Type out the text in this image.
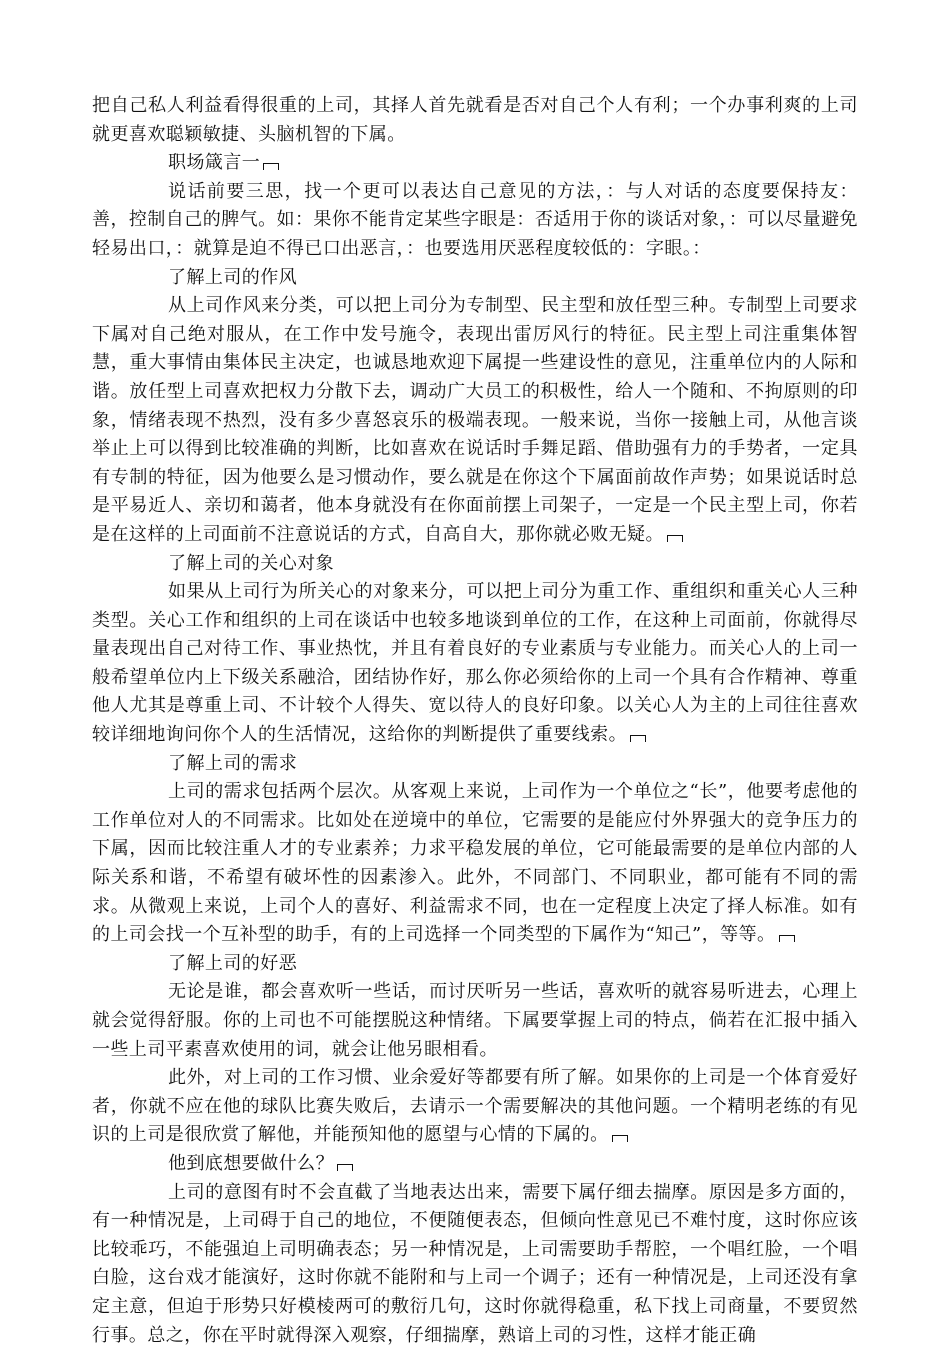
把自己私人利益看得很重的上司，其择人首先就看是否对自己个人有利；一个办事利爽的上司就更喜欢聪颖敏捷、头脑机智的下属。

职场箴言一

说话前要三思，找一个更可以表达自己意见的方法，：与人对话的态度要保持友：善，控制自己的脾气。如：果你不能肯定某些字眼是：否适用于你的谈话对象，：可以尽量避免轻易出口，：就算是迫不得已口出恶言，：也要选用厌恶程度较低的：字眼。：

了解上司的作风

从上司作风来分类，可以把上司分为专制型、民主型和放任型三种。专制型上司要求下属对自己绝对服从，在工作中发号施令，表现出雷厉风行的特征。民主型上司注重集体智慧，重大事情由集体民主决定，也诚恳地欢迎下属提一些建设性的意见，注重单位内的人际和谐。放任型上司喜欢把权力分散下去，调动广大员工的积极性，给人一个随和、不拘原则的印象，情绪表现不热烈，没有多少喜怒哀乐的极端表现。一般来说，当你一接触上司，从他言谈举止上可以得到比较准确的判断，比如喜欢在说话时手舞足蹈、借助强有力的手势者，一定具有专制的特征，因为他要么是习惯动作，要么就是在你这个下属面前故作声势；如果说话时总是平易近人、亲切和蔼者，他本身就没有在你面前摆上司架子，一定是一个民主型上司，你若是在这样的上司面前不注意说话的方式，自高自大，那你就必败无疑。

了解上司的关心对象

如果从上司行为所关心的对象来分，可以把上司分为重工作、重组织和重关心人三种类型。关心工作和组织的上司在谈话中也较多地谈到单位的工作，在这种上司面前，你就得尽量表现出自己对待工作、事业热忱，并且有着良好的专业素质与专业能力。而关心人的上司一般希望单位内上下级关系融洽，团结协作好，那么你必须给你的上司一个具有合作精神、尊重他人尤其是尊重上司、不计较个人得失、宽以待人的良好印象。以关心人为主的上司往往喜欢较详细地询问你个人的生活情况，这给你的判断提供了重要线索。

了解上司的需求

上司的需求包括两个层次。从客观上来说，上司作为一个单位之“长”，他要考虑他的工作单位对人的不同需求。比如处在逆境中的单位，它需要的是能应付外界强大的竞争压力的下属，因而比较注重人才的专业素养；力求平稳发展的单位，它可能最需要的是单位内部的人际关系和谐，不希望有破坏性的因素渗入。此外，不同部门、不同职业，都可能有不同的需求。从微观上来说，上司个人的喜好、利益需求不同，也在一定程度上决定了择人标准。如有的上司会找一个互补型的助手，有的上司选择一个同类型的下属作为“知己”，等等。

了解上司的好恶

无论是谁，都会喜欢听一些话，而讨厌听另一些话，喜欢听的就容易听进去，心理上就会觉得舒服。你的上司也不可能摆脱这种情绪。下属要掌握上司的特点，倘若在汇报中插入一些上司平素喜欢使用的词，就会让他另眼相看。

此外，对上司的工作习惯、业余爱好等都要有所了解。如果你的上司是一个体育爱好者，你就不应在他的球队比赛失败后，去请示一个需要解决的其他问题。一个精明老练的有见识的上司是很欣赏了解他，并能预知他的愿望与心情的下属的。

他到底想要做什么？

上司的意图有时不会直截了当地表达出来，需要下属仔细去揣摩。原因是多方面的，有一种情况是，上司碍于自己的地位，不便随便表态，但倾向性意见已不难忖度，这时你应该比较乖巧，不能强迫上司明确表态；另一种情况是，上司需要助手帮腔，一个唱红脸，一个唱白脸，这台戏才能演好，这时你就不能附和与上司一个调子；还有一种情况是，上司还没有拿定主意，但迫于形势只好模棱两可的敷衍几句，这时你就得稳重，私下找上司商量，不要贸然行事。总之，你在平时就得深入观察，仔细揣摩，熟谙上司的习性，这样才能正确
